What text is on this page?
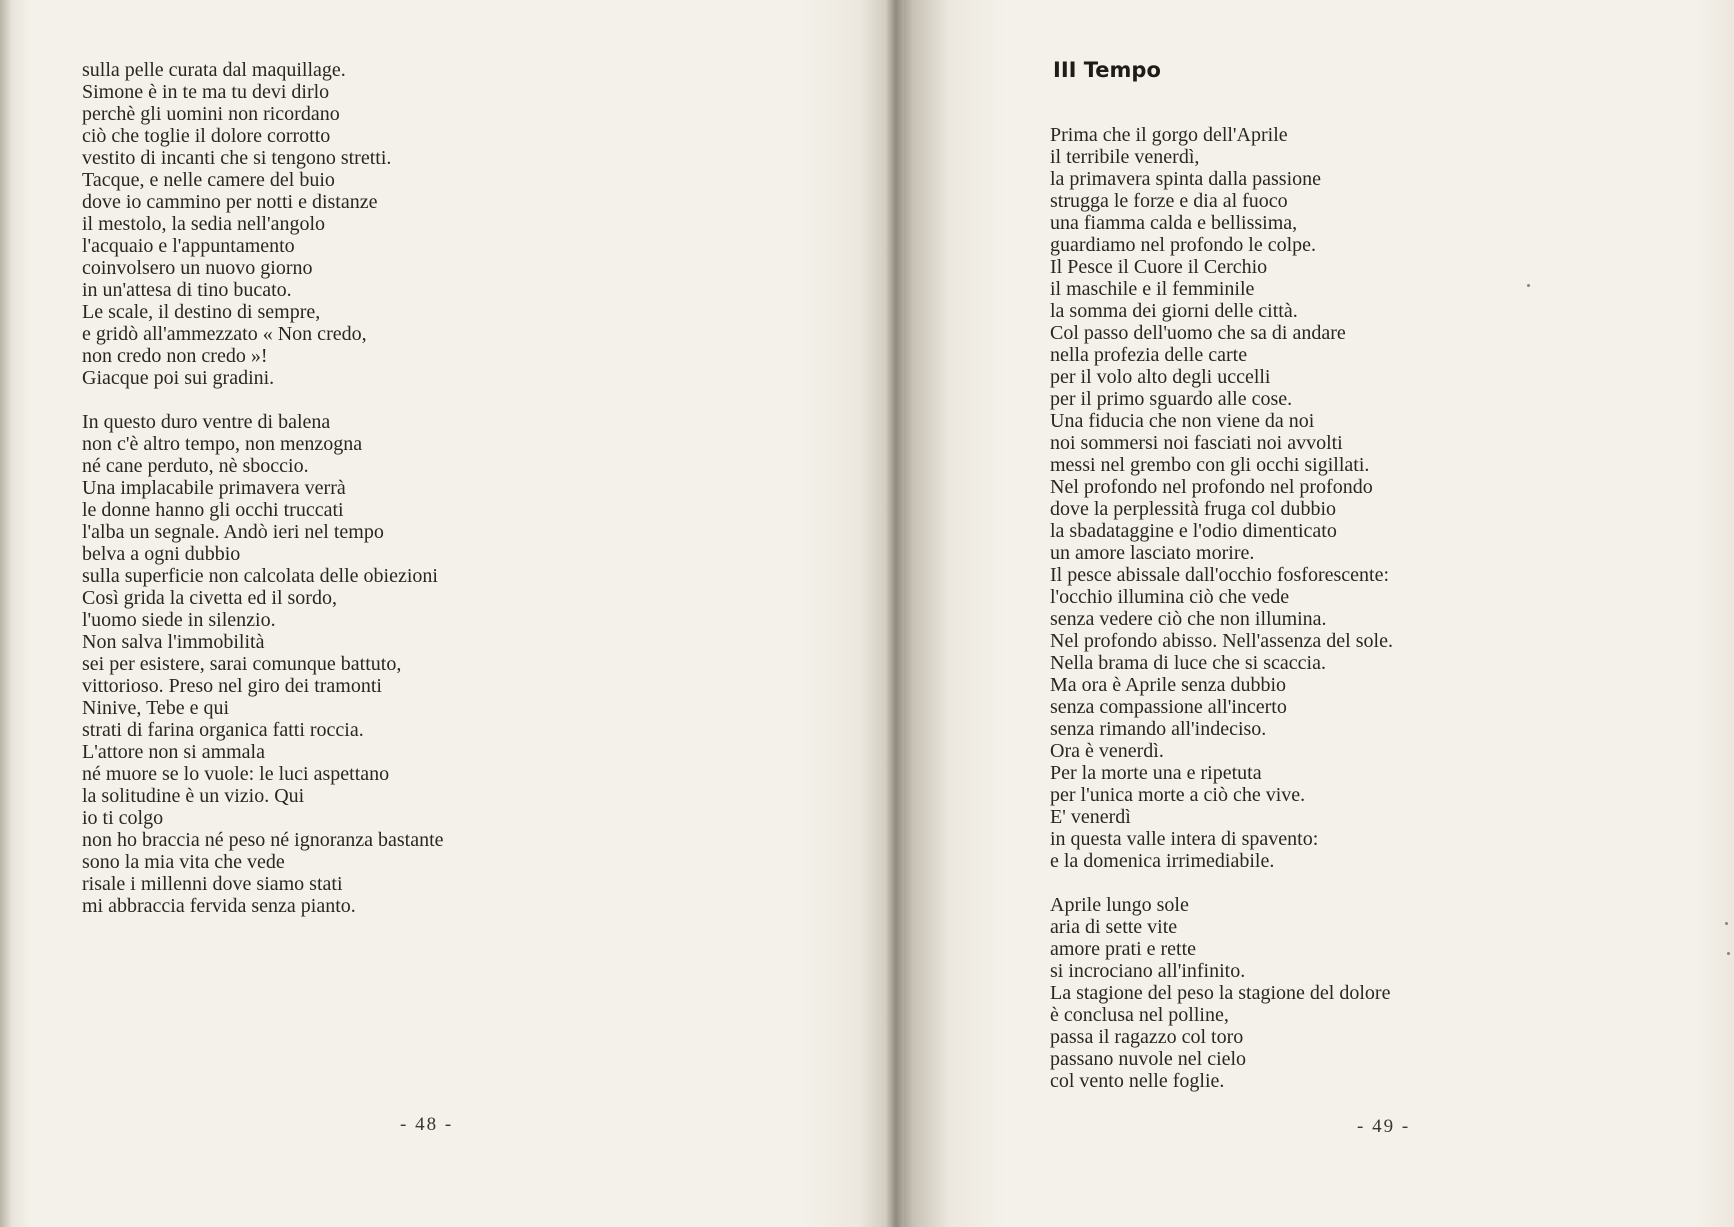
sulla pelle curata dal maquillage.
Simone è in te ma tu devi dirlo
perchè gli uomini non ricordano
ciò che toglie il dolore corrotto
vestito di incanti che si tengono stretti.
Tacque, e nelle camere del buio
dove io cammino per notti e distanze
il mestolo, la sedia nell'angolo
l'acquaio e l'appuntamento
coinvolsero un nuovo giorno
in un'attesa di tino bucato.
Le scale, il destino di sempre,
e gridò all'ammezzato « Non credo,
non credo non credo »!
Giacque poi sui gradini.
In questo duro ventre di balena
non c'è altro tempo, non menzogna
né cane perduto, nè sboccio.
Una implacabile primavera verrà
le donne hanno gli occhi truccati
l'alba un segnale. Andò ieri nel tempo
belva a ogni dubbio
sulla superficie non calcolata delle obiezioni
Così grida la civetta ed il sordo,
l'uomo siede in silenzio.
Non salva l'immobilità
sei per esistere, sarai comunque battuto,
vittorioso. Preso nel giro dei tramonti
Ninive, Tebe e qui
strati di farina organica fatti roccia.
L'attore non si ammala
né muore se lo vuole: le luci aspettano
la solitudine è un vizio. Qui
io ti colgo
non ho braccia né peso né ignoranza bastante
sono la mia vita che vede
risale i millenni dove siamo stati
mi abbraccia fervida senza pianto.
- 48 -
III Tempo
Prima che il gorgo dell'Aprile
il terribile venerdì,
la primavera spinta dalla passione
strugga le forze e dia al fuoco
una fiamma calda e bellissima,
guardiamo nel profondo le colpe.
Il Pesce il Cuore il Cerchio
il maschile e il femminile
la somma dei giorni delle città.
Col passo dell'uomo che sa di andare
nella profezia delle carte
per il volo alto degli uccelli
per il primo sguardo alle cose.
Una fiducia che non viene da noi
noi sommersi noi fasciati noi avvolti
messi nel grembo con gli occhi sigillati.
Nel profondo nel profondo nel profondo
dove la perplessità fruga col dubbio
la sbadataggine e l'odio dimenticato
un amore lasciato morire.
Il pesce abissale dall'occhio fosforescente:
l'occhio illumina ciò che vede
senza vedere ciò che non illumina.
Nel profondo abisso. Nell'assenza del sole.
Nella brama di luce che si scaccia.
Ma ora è Aprile senza dubbio
senza compassione all'incerto
senza rimando all'indeciso.
Ora è venerdì.
Per la morte una e ripetuta
per l'unica morte a ciò che vive.
E' venerdì
in questa valle intera di spavento:
e la domenica irrimediabile.
Aprile lungo sole
aria di sette vite
amore prati e rette
si incrociano all'infinito.
La stagione del peso la stagione del dolore
è conclusa nel polline,
passa il ragazzo col toro
passano nuvole nel cielo
col vento nelle foglie.
- 49 -
